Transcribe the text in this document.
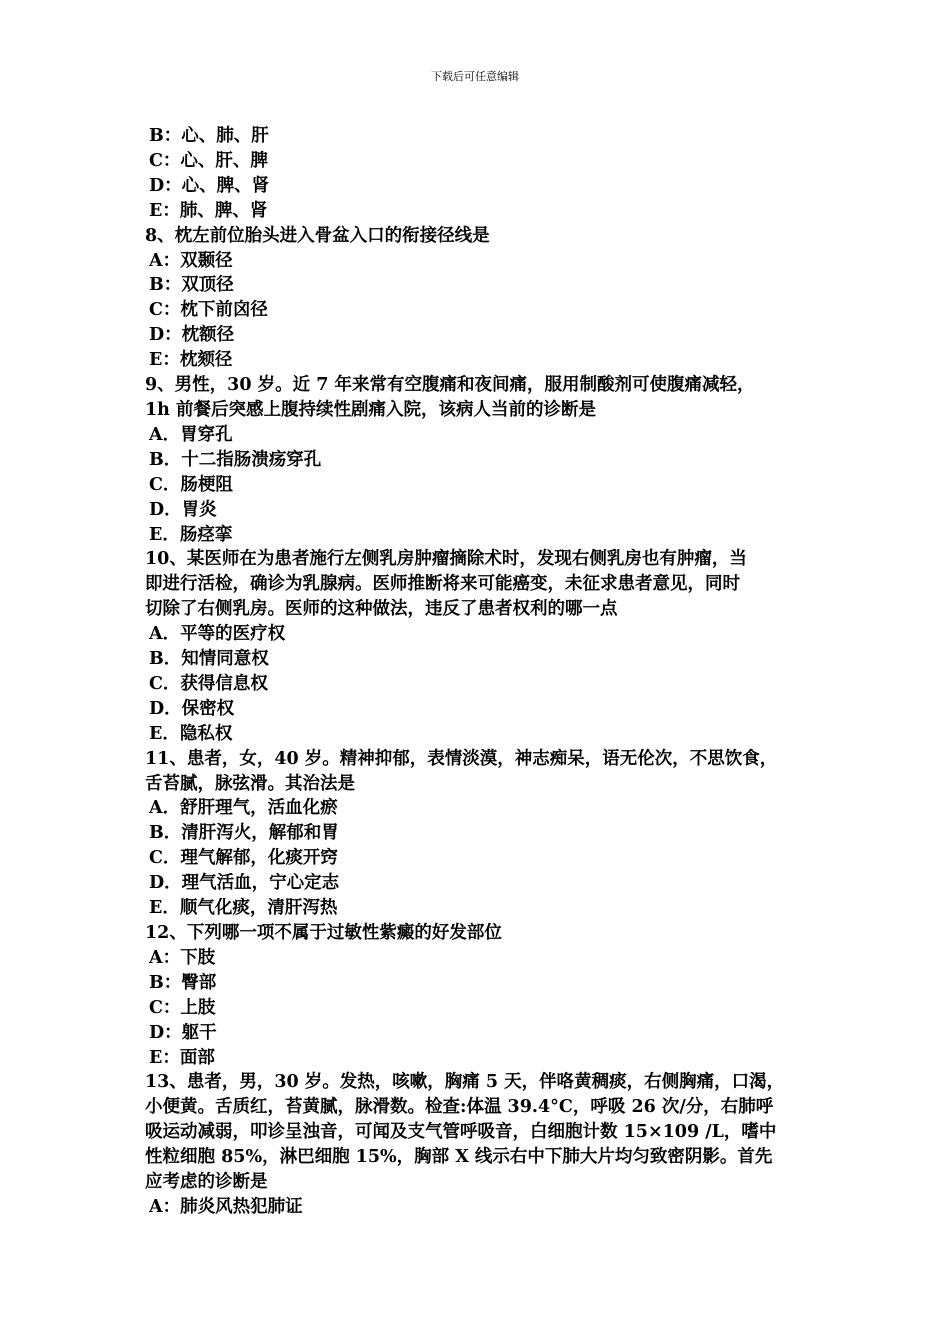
下载后可任意编辑
B：心、肺、肝
C：心、肝、脾
D：心、脾、肾
E：肺、脾、肾
8、枕左前位胎头进入骨盆入口的衔接径线是
A：双颞径
B：双顶径
C：枕下前囟径
D：枕额径
E：枕颏径
9、男性，30 岁。近 7 年来常有空腹痛和夜间痛，服用制酸剂可使腹痛减轻，
1h 前餐后突感上腹持续性剧痛入院，该病人当前的诊断是
A．胃穿孔
B．十二指肠溃疡穿孔
C．肠梗阻
D．胃炎
E．肠痉挛
10、某医师在为患者施行左侧乳房肿瘤摘除术时，发现右侧乳房也有肿瘤，当
即进行活检，确诊为乳腺病。医师推断将来可能癌变，未征求患者意见，同时
切除了右侧乳房。医师的这种做法，违反了患者权利的哪一点
A．平等的医疗权
B．知情同意权
C．获得信息权
D．保密权
E．隐私权
11、患者，女，40 岁。精神抑郁，表情淡漠，神志痴呆，语无伦次，不思饮食，
舌苔腻，脉弦滑。其治法是
A．舒肝理气，活血化瘀
B．清肝泻火，解郁和胃
C．理气解郁，化痰开窍
D．理气活血，宁心定志
E．顺气化痰，清肝泻热
12、下列哪一项不属于过敏性紫癜的好发部位
A：下肢
B：臀部
C：上肢
D：躯干
E：面部
13、患者，男，30 岁。发热，咳嗽，胸痛 5 天，伴咯黄稠痰，右侧胸痛，口渴，
小便黄。舌质红，苔黄腻，脉滑数。检查:体温 39.4°C，呼吸 26 次/分，右肺呼
吸运动减弱，叩诊呈浊音，可闻及支气管呼吸音，白细胞计数 15×109 /L，嗜中
性粒细胞 85%，淋巴细胞 15%，胸部 X 线示右中下肺大片均匀致密阴影。首先
应考虑的诊断是
A：肺炎风热犯肺证
